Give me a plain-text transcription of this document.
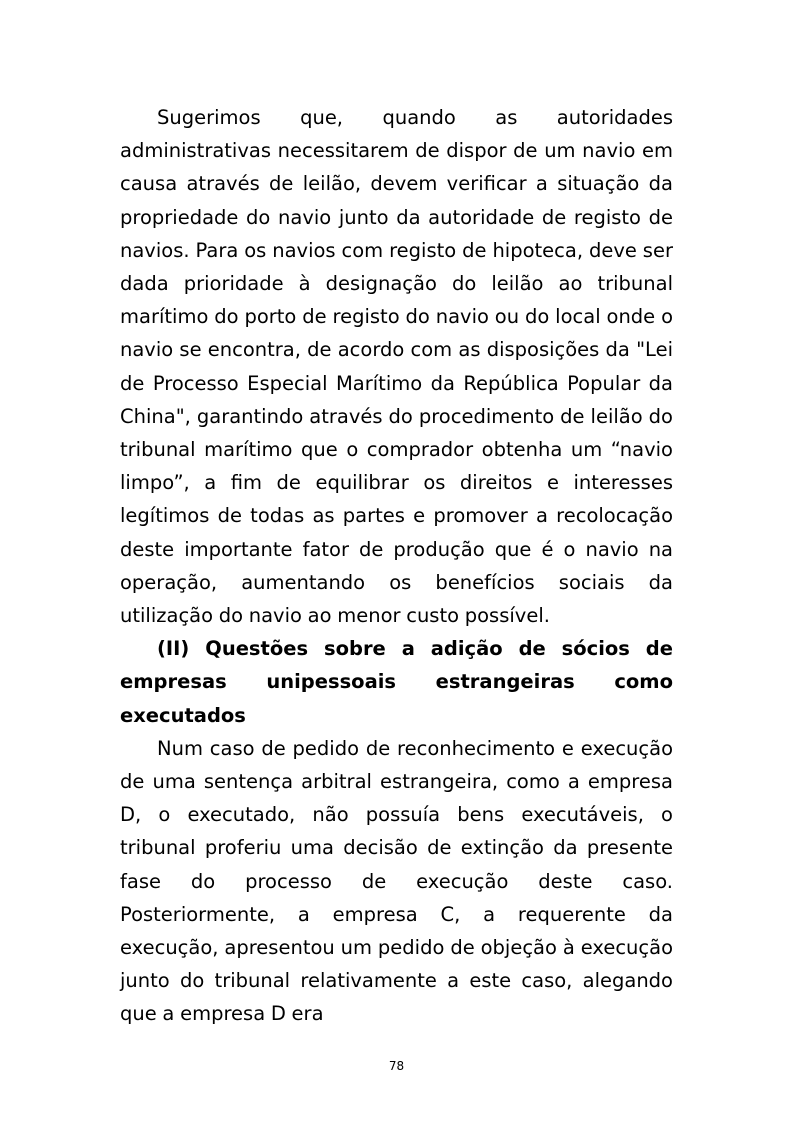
Sugerimos que, quando as autoridades administrativas necessitarem de dispor de um navio em causa através de leilão, devem verificar a situação da propriedade do navio junto da autoridade de registo de navios. Para os navios com registo de hipoteca, deve ser dada prioridade à designação do leilão ao tribunal marítimo do porto de registo do navio ou do local onde o navio se encontra, de acordo com as disposições da "Lei de Processo Especial Marítimo da República Popular da China", garantindo através do procedimento de leilão do tribunal marítimo que o comprador obtenha um “navio limpo”, a fim de equilibrar os direitos e interesses legítimos de todas as partes e promover a recolocação deste importante fator de produção que é o navio na operação, aumentando os benefícios sociais da utilização do navio ao menor custo possível.

(II) Questões sobre a adição de sócios de empresas unipessoais estrangeiras como executados

Num caso de pedido de reconhecimento e execução de uma sentença arbitral estrangeira, como a empresa D, o executado, não possuía bens executáveis, o tribunal proferiu uma decisão de extinção da presente fase do processo de execução deste caso. Posteriormente, a empresa C, a requerente da execução, apresentou um pedido de objeção à execução junto do tribunal relativamente a este caso, alegando que a empresa D era

78
